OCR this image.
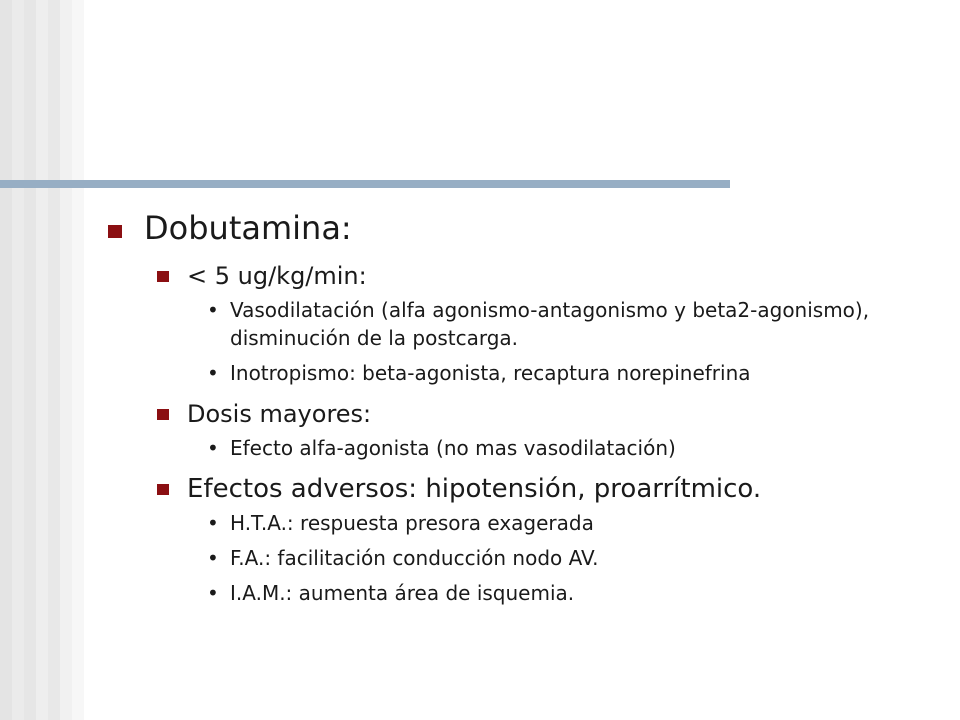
Dobutamina:
< 5 ug/kg/min:
• Vasodilatación (alfa agonismo-antagonismo y beta2-agonismo), disminución de la postcarga.
• Inotropismo: beta-agonista, recaptura norepinefrina
Dosis mayores:
• Efecto alfa-agonista (no mas vasodilatación)
Efectos adversos: hipotensión, proarrítmico.
• H.T.A.: respuesta presora exagerada
• F.A.: facilitación conducción nodo AV.
• I.A.M.: aumenta área de isquemia.
